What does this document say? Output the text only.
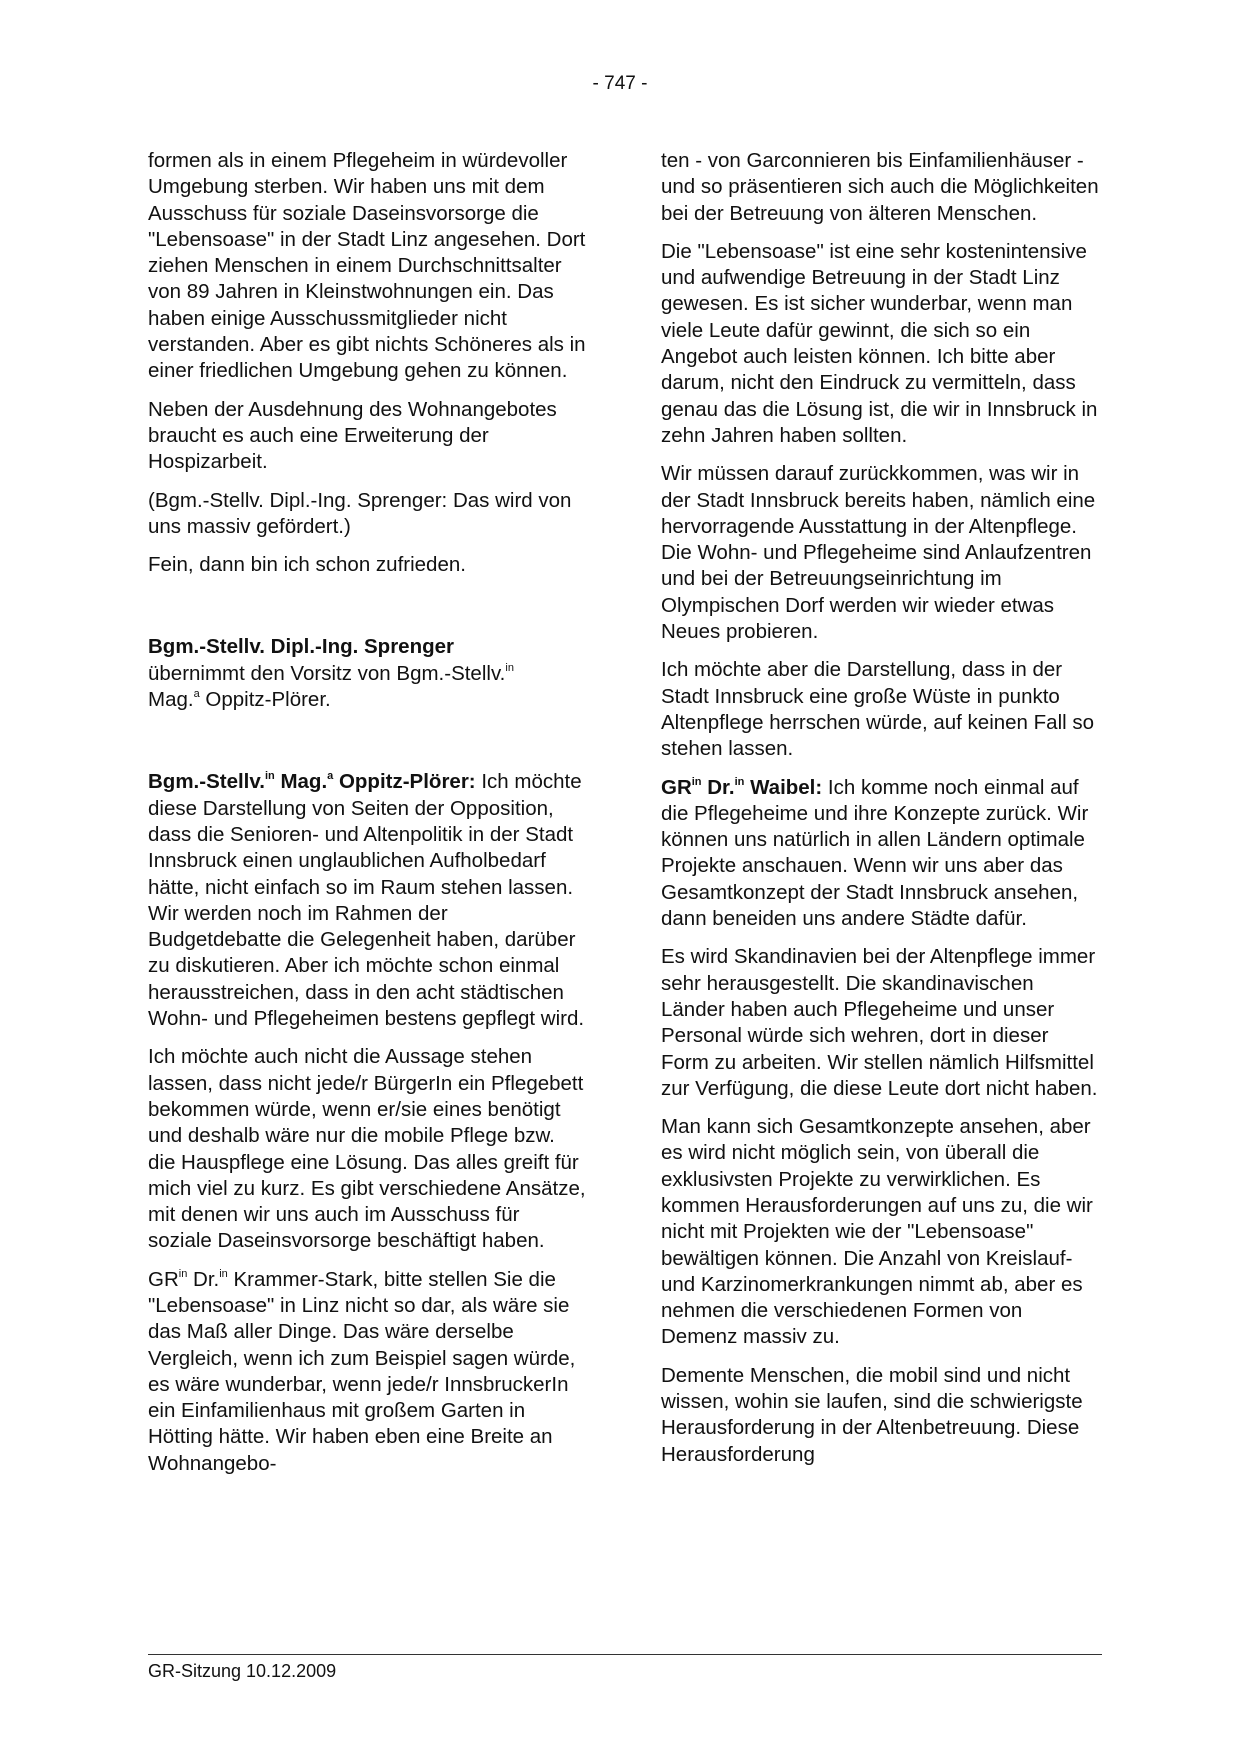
- 747 -

formen als in einem Pflegeheim in würdevoller Umgebung sterben. Wir haben uns mit dem Ausschuss für soziale Daseinsvorsorge die "Lebensoase" in der Stadt Linz angesehen. Dort ziehen Menschen in einem Durchschnittsalter von 89 Jahren in Kleinstwohnungen ein. Das haben einige Ausschussmitglieder nicht verstanden. Aber es gibt nichts Schöneres als in einer friedlichen Umgebung gehen zu können.

Neben der Ausdehnung des Wohnangebotes braucht es auch eine Erweiterung der Hospizarbeit.

(Bgm.-Stellv. Dipl.-Ing. Sprenger: Das wird von uns massiv gefördert.)

Fein, dann bin ich schon zufrieden.

Bgm.-Stellv. Dipl.-Ing. Sprenger
übernimmt den Vorsitz von Bgm.-Stellv.$^{in}$
Mag.$^a$ Oppitz-Plörer.

Bgm.-Stellv.$^{in}$ Mag.$^a$ Oppitz-Plörer: Ich möchte diese Darstellung von Seiten der Opposition, dass die Senioren- und Altenpolitik in der Stadt Innsbruck einen unglaublichen Aufholbedarf hätte, nicht einfach so im Raum stehen lassen. Wir werden noch im Rahmen der Budgetdebatte die Gelegenheit haben, darüber zu diskutieren. Aber ich möchte schon einmal herausstreichen, dass in den acht städtischen Wohn- und Pflegeheimen bestens gepflegt wird.

Ich möchte auch nicht die Aussage stehen lassen, dass nicht jede/r BürgerIn ein Pflegebett bekommen würde, wenn er/sie eines benötigt und deshalb wäre nur die mobile Pflege bzw. die Hauspflege eine Lösung. Das alles greift für mich viel zu kurz. Es gibt verschiedene Ansätze, mit denen wir uns auch im Ausschuss für soziale Daseinsvorsorge beschäftigt haben.

$GR^{in}$ Dr.$^{in}$ Krammer-Stark, bitte stellen Sie die "Lebensoase" in Linz nicht so dar, als wäre sie das Maß aller Dinge. Das wäre derselbe Vergleich, wenn ich zum Beispiel sagen würde, es wäre wunderbar, wenn jede/r InnsbruckerIn ein Einfamilienhaus mit großem Garten in Hötting hätte. Wir haben eben eine Breite an Wohnangebo-

ten - von Garconnieren bis Einfamilienhäuser - und so präsentieren sich auch die Möglichkeiten bei der Betreuung von älteren Menschen.

Die "Lebensoase" ist eine sehr kostenintensive und aufwendige Betreuung in der Stadt Linz gewesen. Es ist sicher wunderbar, wenn man viele Leute dafür gewinnt, die sich so ein Angebot auch leisten können. Ich bitte aber darum, nicht den Eindruck zu vermitteln, dass genau das die Lösung ist, die wir in Innsbruck in zehn Jahren haben sollten.

Wir müssen darauf zurückkommen, was wir in der Stadt Innsbruck bereits haben, nämlich eine hervorragende Ausstattung in der Altenpflege. Die Wohn- und Pflegeheime sind Anlaufzentren und bei der Betreuungseinrichtung im Olympischen Dorf werden wir wieder etwas Neues probieren.

Ich möchte aber die Darstellung, dass in der Stadt Innsbruck eine große Wüste in punkto Altenpflege herrschen würde, auf keinen Fall so stehen lassen.

$GR^{in}$ Dr.$^{in}$ Waibel: Ich komme noch einmal auf die Pflegeheime und ihre Konzepte zurück. Wir können uns natürlich in allen Ländern optimale Projekte anschauen. Wenn wir uns aber das Gesamtkonzept der Stadt Innsbruck ansehen, dann beneiden uns andere Städte dafür.

Es wird Skandinavien bei der Altenpflege immer sehr herausgestellt. Die skandinavischen Länder haben auch Pflegeheime und unser Personal würde sich wehren, dort in dieser Form zu arbeiten. Wir stellen nämlich Hilfsmittel zur Verfügung, die diese Leute dort nicht haben.

Man kann sich Gesamtkonzepte ansehen, aber es wird nicht möglich sein, von überall die exklusivsten Projekte zu verwirklichen. Es kommen Herausforderungen auf uns zu, die wir nicht mit Projekten wie der "Lebensoase" bewältigen können. Die Anzahl von Kreislauf- und Karzinomerkrankungen nimmt ab, aber es nehmen die verschiedenen Formen von Demenz massiv zu.

Demente Menschen, die mobil sind und nicht wissen, wohin sie laufen, sind die schwierigste Herausforderung in der Altenbetreuung. Diese Herausforderung

GR-Sitzung 10.12.2009
